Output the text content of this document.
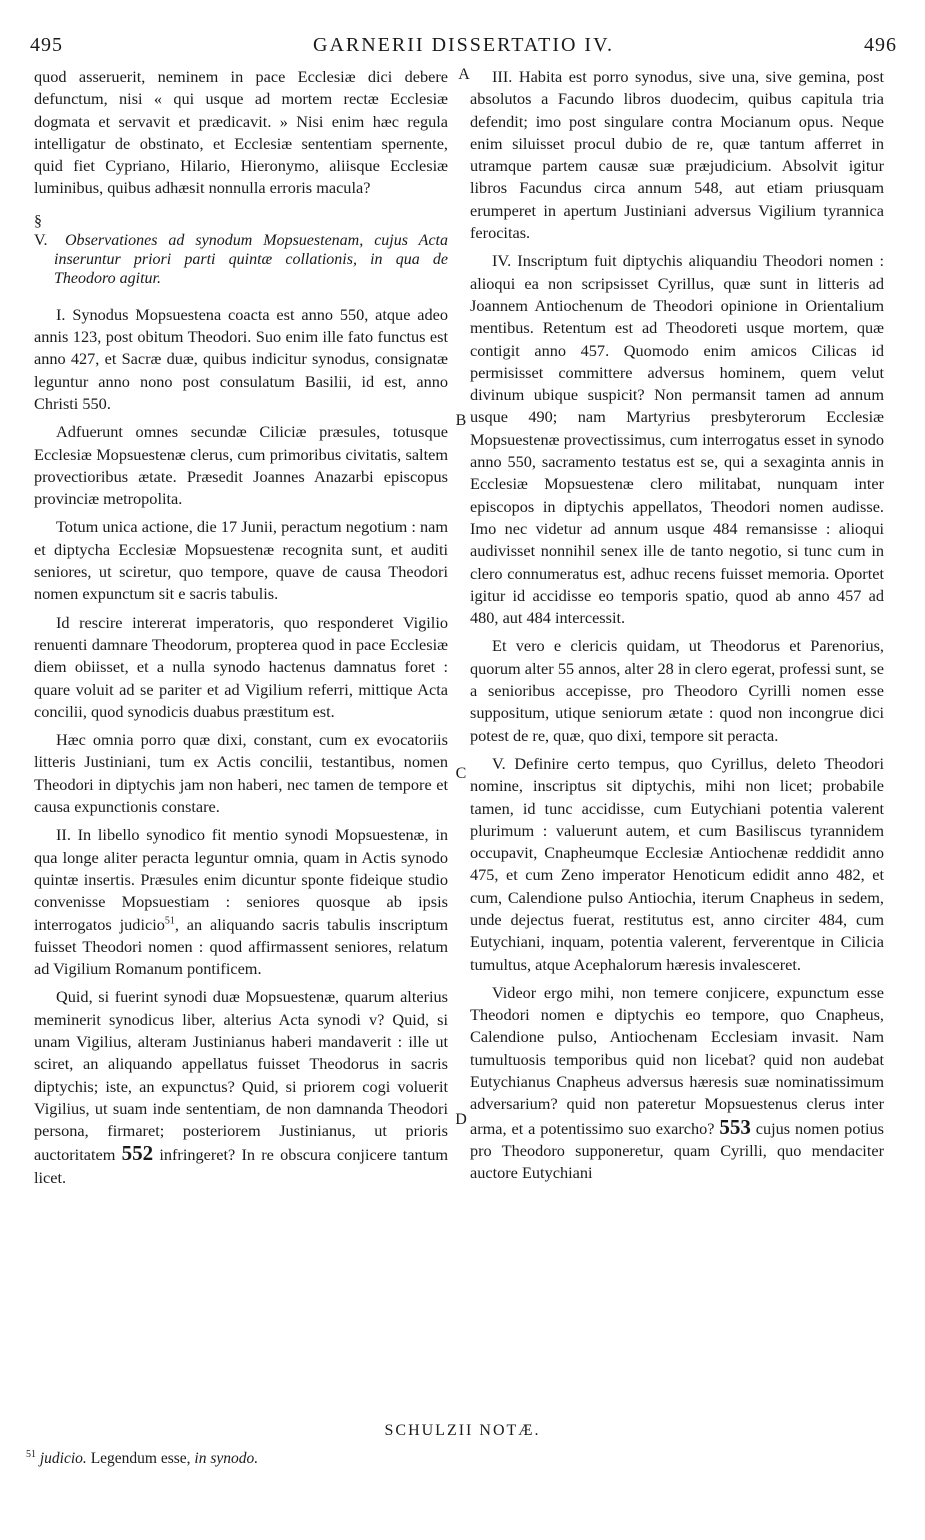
495	GARNERII DISSERTATIO IV.	496
A
B
C
D

quod asseruerit, neminem in pace Ecclesiæ dici debere defunctum, nisi « qui usque ad mortem rectæ Ecclesiæ dogmata et servavit et prædicavit. » Nisi enim hæc regula intelligatur de obstinato, et Ecclesiæ sententiam spernente, quid fiet Cypriano, Hilario, Hieronymo, aliisque Ecclesiæ luminibus, quibus adhæsit nonnulla erroris macula?

§ V. Observationes ad synodum Mopsuestenam, cujus Acta inseruntur priori parti quintæ collationis, in qua de Theodoro agitur.

I. Synodus Mopsuestena coacta est anno 550, atque adeo annis 123, post obitum Theodori. Suo enim ille fato functus est anno 427, et Sacræ duæ, quibus indicitur synodus, consignatæ leguntur anno nono post consulatum Basilii, id est, anno Christi 550.

Adfuerunt omnes secundæ Ciliciæ præsules, totusque Ecclesiæ Mopsuestenæ clerus, cum primoribus civitatis, saltem provectioribus ætate. Præsedit Joannes Anazarbi episcopus provinciæ metropolita.

Totum unica actione, die 17 Junii, peractum negotium : nam et diptycha Ecclesiæ Mopsuestenæ recognita sunt, et auditi seniores, ut sciretur, quo tempore, quave de causa Theodori nomen expunctum sit e sacris tabulis.

Id rescire intererat imperatoris, quo responderet Vigilio renuenti damnare Theodorum, propterea quod in pace Ecclesiæ diem obiisset, et a nulla synodo hactenus damnatus foret : quare voluit ad se pariter et ad Vigilium referri, mittique Acta concilii, quod synodicis duabus præstitum est.

Hæc omnia porro quæ dixi, constant, cum ex evocatoriis litteris Justiniani, tum ex Actis concilii, testantibus, nomen Theodori in diptychis jam non haberi, nec tamen de tempore et causa expunctionis constare.

II. In libello synodico fit mentio synodi Mopsuestenæ, in qua longe aliter peracta leguntur omnia, quam in Actis synodo quintæ insertis. Præsules enim dicuntur sponte fideique studio convenisse Mopsuestiam : seniores quosque ab ipsis interrogatos judicio$^{51}$, an aliquando sacris tabulis inscriptum fuisset Theodori nomen : quod affirmassent seniores, relatum ad Vigilium Romanum pontificem.

Quid, si fuerint synodi duæ Mopsuestenæ, quarum alterius meminerit synodicus liber, alterius Acta synodi v? Quid, si unam Vigilius, alteram Justinianus haberi mandaverit : ille ut sciret, an aliquando appellatus fuisset Theodorus in sacris diptychis; iste, an expunctus? Quid, si priorem cogi voluerit Vigilius, ut suam inde sententiam, de non damnanda Theodori persona, firmaret; posteriorem Justinianus, ut prioris auctoritatem 552 infringeret? In re obscura conjicere tantum licet.

III. Habita est porro synodus, sive una, sive gemina, post absolutos a Facundo libros duodecim, quibus capitula tria defendit; imo post singulare contra Mocianum opus. Neque enim siluisset procul dubio de re, quæ tantum afferret in utramque partem causæ suæ præjudicium. Absolvit igitur libros Facundus circa annum 548, aut etiam priusquam erumperet in apertum Justiniani adversus Vigilium tyrannica ferocitas.

IV. Inscriptum fuit diptychis aliquandiu Theodori nomen : alioqui ea non scripsisset Cyrillus, quæ sunt in litteris ad Joannem Antiochenum de Theodori opinione in Orientalium mentibus. Retentum est ad Theodoreti usque mortem, quæ contigit anno 457. Quomodo enim amicos Cilicas id permisisset committere adversus hominem, quem velut divinum ubique suspicit? Non permansit tamen ad annum usque 490; nam Martyrius presbyterorum Ecclesiæ Mopsuestenæ provectissimus, cum interrogatus esset in synodo anno 550, sacramento testatus est se, qui a sexaginta annis in Ecclesiæ Mopsuestenæ clero militabat, nunquam inter episcopos in diptychis appellatos, Theodori nomen audisse. Imo nec videtur ad annum usque 484 remansisse : alioqui audivisset nonnihil senex ille de tanto negotio, si tunc cum in clero connumeratus est, adhuc recens fuisset memoria. Oportet igitur id accidisse eo temporis spatio, quod ab anno 457 ad 480, aut 484 intercessit.

Et vero e clericis quidam, ut Theodorus et Parenorius, quorum alter 55 annos, alter 28 in clero egerat, professi sunt, se a senioribus accepisse, pro Theodoro Cyrilli nomen esse suppositum, utique seniorum ætate : quod non incongrue dici potest de re, quæ, quo dixi, tempore sit peracta.

V. Definire certo tempus, quo Cyrillus, deleto Theodori nomine, inscriptus sit diptychis, mihi non licet; probabile tamen, id tunc accidisse, cum Eutychiani potentia valerent plurimum : valuerunt autem, et cum Basiliscus tyrannidem occupavit, Cnapheumque Ecclesiæ Antiochenæ reddidit anno 475, et cum Zeno imperator Henoticum edidit anno 482, et cum, Calendione pulso Antiochia, iterum Cnapheus in sedem, unde dejectus fuerat, restitutus est, anno circiter 484, cum Eutychiani, inquam, potentia valerent, ferverentque in Cilicia tumultus, atque Acephalorum hæresis invalesceret.

Videor ergo mihi, non temere conjicere, expunctum esse Theodori nomen e diptychis eo tempore, quo Cnapheus, Calendione pulso, Antiochenam Ecclesiam invasit. Nam tumultuosis temporibus quid non licebat? quid non audebat Eutychianus Cnapheus adversus hæresis suæ nominatissimum adversarium? quid non pateretur Mopsuestenus clerus inter arma, et a potentissimo suo exarcho? 553 cujus nomen potius pro Theodoro supponeretur, quam Cyrilli, quo mendaciter auctore Eutychiani

SCHULZII NOTÆ.
$^{51}$ judicio. Legendum esse, in synodo.
